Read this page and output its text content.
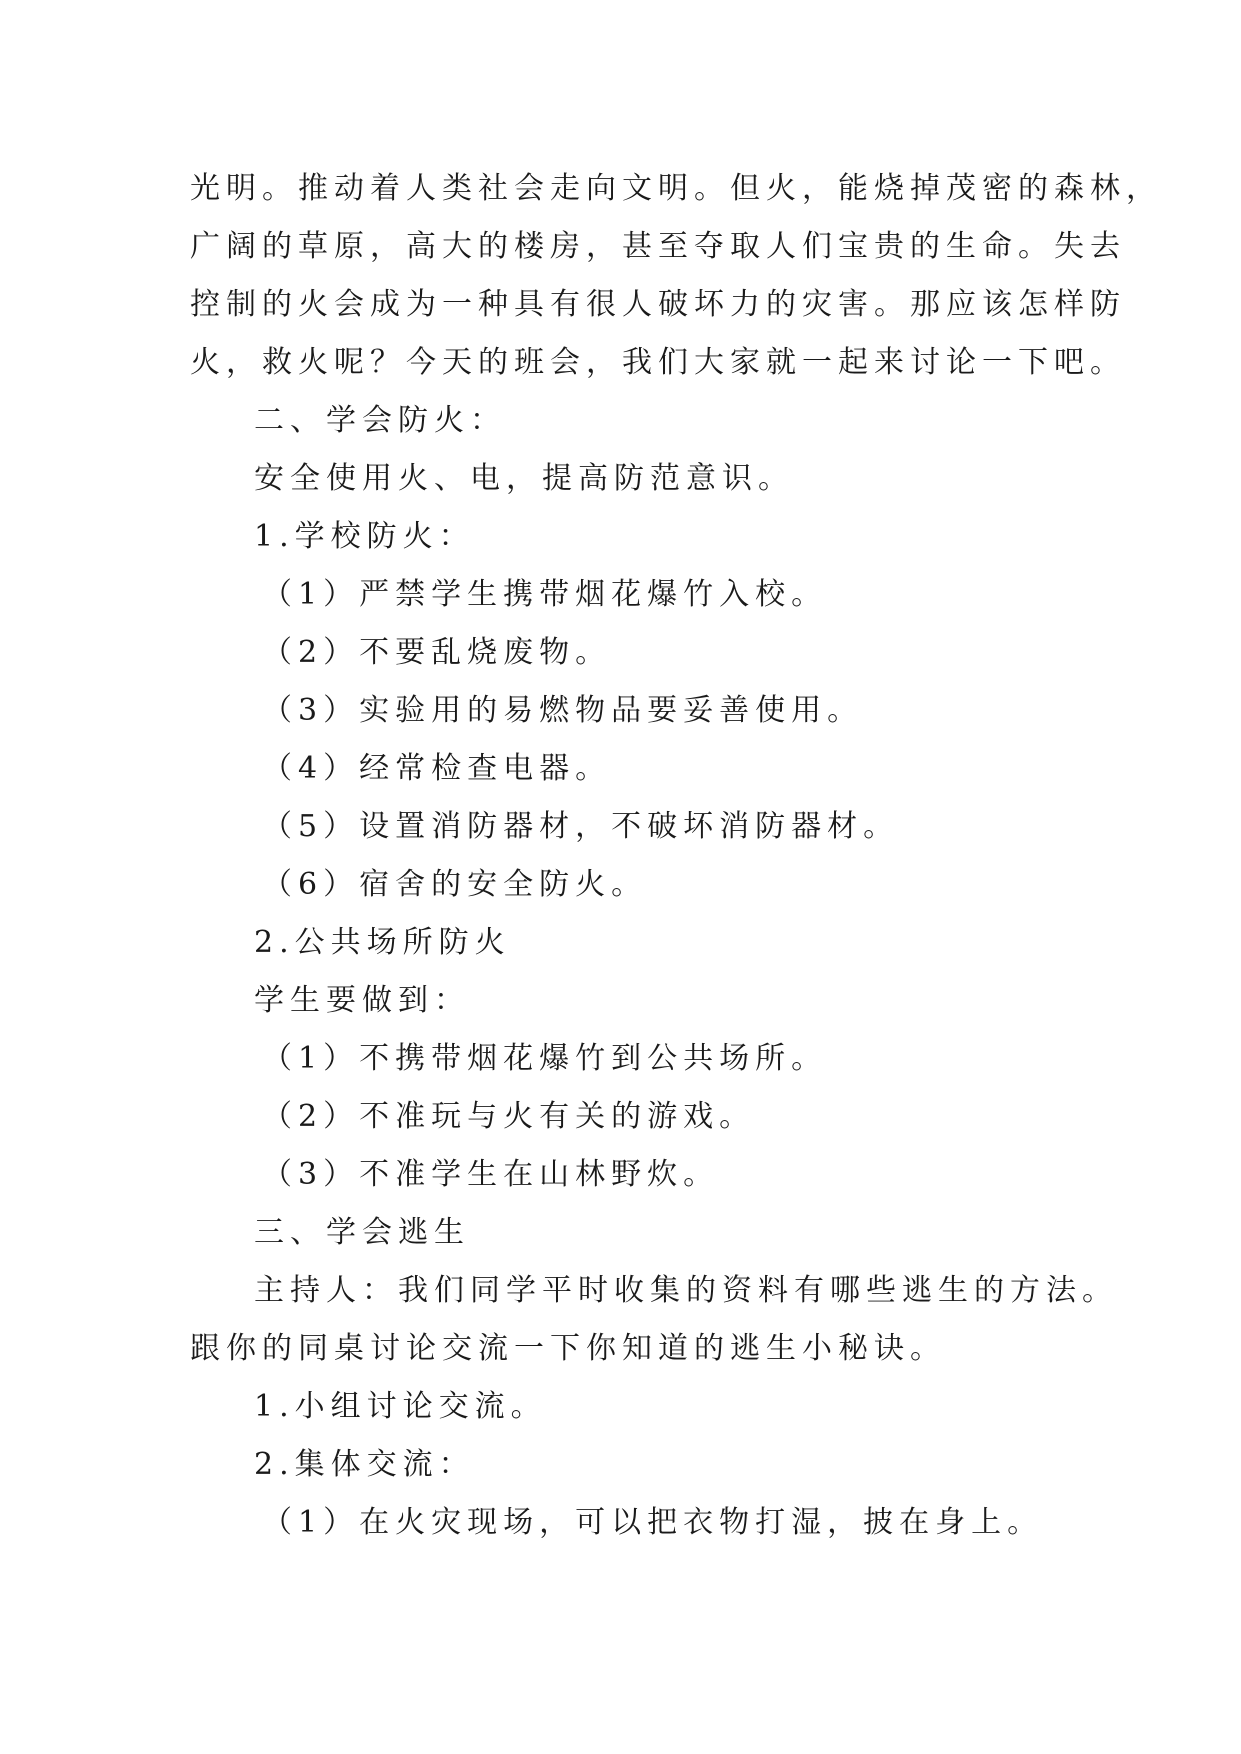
光明。推动着人类社会走向文明。但火，能烧掉茂密的森林，
广阔的草原，高大的楼房，甚至夺取人们宝贵的生命。失去
控制的火会成为一种具有很人破坏力的灾害。那应该怎样防
火，救火呢？今天的班会，我们大家就一起来讨论一下吧。
二、学会防火：
安全使用火、电，提高防范意识。
1.学校防火：
（1）严禁学生携带烟花爆竹入校。
（2）不要乱烧废物。
（3）实验用的易燃物品要妥善使用。
（4）经常检查电器。
（5）设置消防器材，不破坏消防器材。
（6）宿舍的安全防火。
2.公共场所防火
学生要做到：
（1）不携带烟花爆竹到公共场所。
（2）不准玩与火有关的游戏。
（3）不准学生在山林野炊。
三、学会逃生
主持人：我们同学平时收集的资料有哪些逃生的方法。
跟你的同桌讨论交流一下你知道的逃生小秘诀。
1.小组讨论交流。
2.集体交流：
（1）在火灾现场，可以把衣物打湿，披在身上。
